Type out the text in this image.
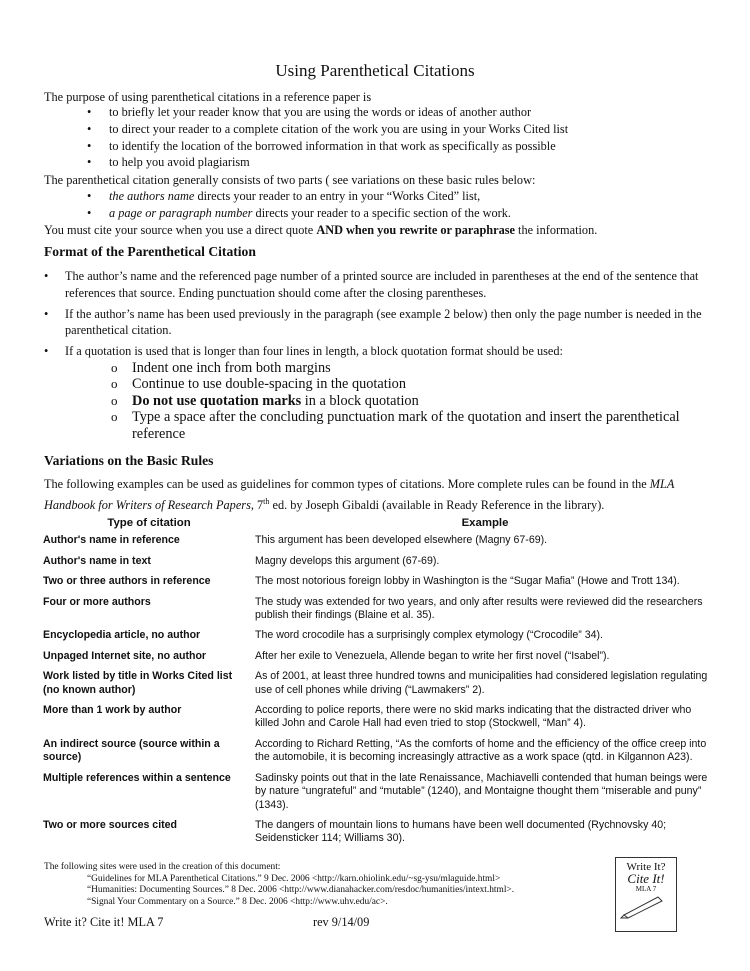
Using Parenthetical Citations
The purpose of using parenthetical citations in a reference paper is
• to briefly let your reader know that you are using the words or ideas of another author
• to direct your reader to a complete citation of the work you are using in your Works Cited list
• to identify the location of the borrowed information in that work as specifically as possible
• to help you avoid plagiarism
The parenthetical citation generally consists of two parts ( see variations on these basic rules below:
• the authors name directs your reader to an entry in your “Works Cited” list,
• a page or paragraph number directs your reader to a specific section of the work.
You must cite your source when you use a direct quote AND when you rewrite or paraphrase the information.
Format of the Parenthetical Citation
• The author’s name and the referenced page number of a printed source are included in parentheses at the end of the sentence that references that source. Ending punctuation should come after the closing parentheses.
• If the author’s name has been used previously in the paragraph (see example 2 below) then only the page number is needed in the parenthetical citation.
• If a quotation is used that is longer than four lines in length, a block quotation format should be used:
o Indent one inch from both margins
o Continue to use double-spacing in the quotation
o Do not use quotation marks in a block quotation
o Type a space after the concluding punctuation mark of the quotation and insert the parenthetical reference
Variations on the Basic Rules
The following examples can be used as guidelines for common types of citations. More complete rules can be found in the MLA Handbook for Writers of Research Papers, 7th ed. by Joseph Gibaldi (available in Ready Reference in the library).
Type of citation	Example
Author's name in reference	This argument has been developed elsewhere (Magny 67-69).
Author's name in text	Magny develops this argument (67-69).
Two or three authors in reference	The most notorious foreign lobby in Washington is the “Sugar Mafia” (Howe and Trott 134).
Four or more authors	The study was extended for two years, and only after results were reviewed did the researchers publish their findings (Blaine et al. 35).
Encyclopedia article, no author	The word crocodile has a surprisingly complex etymology (“Crocodile” 34).
Unpaged Internet site, no author	After her exile to Venezuela, Allende began to write her first novel (“Isabel”).
Work listed by title in Works Cited list (no known author)	As of 2001, at least three hundred towns and municipalities had considered legislation regulating use of cell phones while driving (“Lawmakers” 2).
More than 1 work by author	According to police reports, there were no skid marks indicating that the distracted driver who killed John and Carole Hall had even tried to stop (Stockwell, “Man” 4).
An indirect source (source within a source)	According to Richard Retting, “As the comforts of home and the efficiency of the office creep into the automobile, it is becoming increasingly attractive as a work space (qtd. in Kilgannon A23).
Multiple references within a sentence	Sadinsky points out that in the late Renaissance, Machiavelli contended that human beings were by nature “ungrateful” and “mutable” (1240), and Montaigne thought them “miserable and puny” (1343).
Two or more sources cited	The dangers of mountain lions to humans have been well documented (Rychnovsky 40; Seidensticker 114; Williams 30).
The following sites were used in the creation of this document:
“Guidelines for MLA Parenthetical Citations.” 9 Dec. 2006 <http://karn.ohiolink.edu/~sg-ysu/mlaguide.html>
“Humanities: Documenting Sources.” 8 Dec. 2006 <http://www.dianahacker.com/resdoc/humanities/intext.html>.
“Signal Your Commentary on a Source.” 8 Dec. 2006 <http://www.uhv.edu/ac>.
Write it? Cite it! MLA 7	rev 9/14/09
Write It?
Cite It!
MLA 7
